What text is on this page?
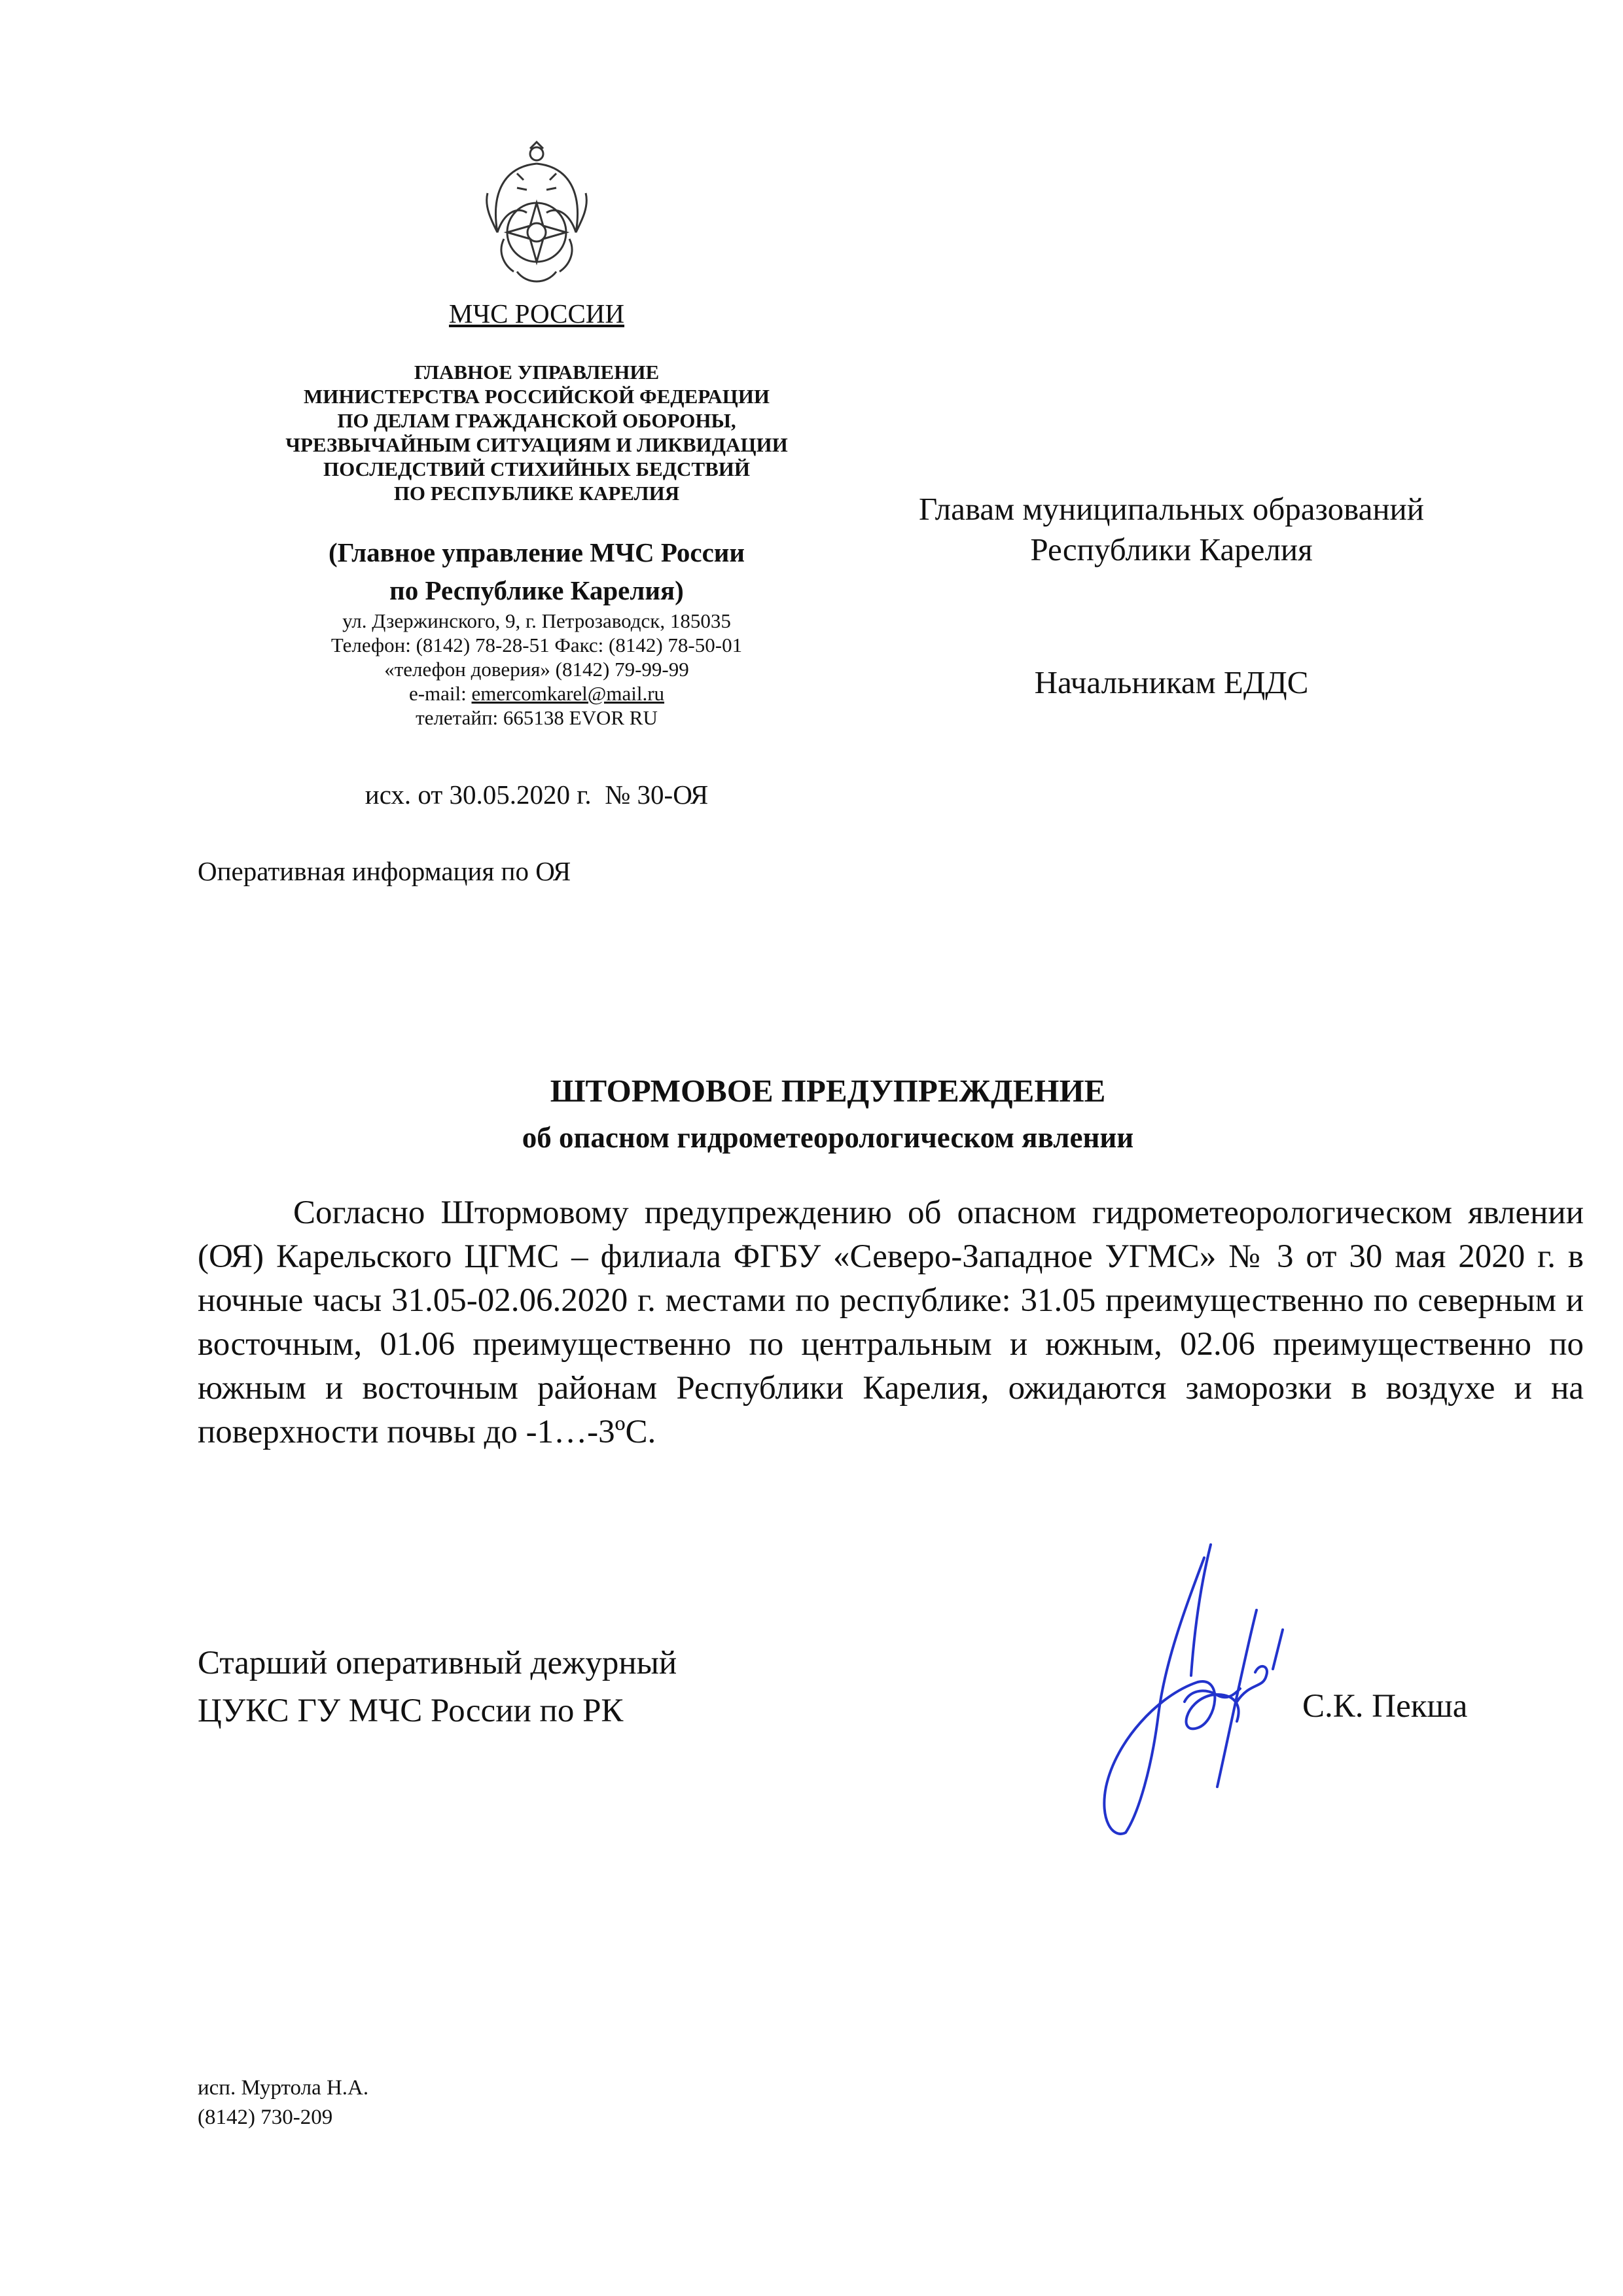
МЧС РОССИИ
ГЛАВНОЕ УПРАВЛЕНИЕ
МИНИСТЕРСТВА РОССИЙСКОЙ ФЕДЕРАЦИИ
ПО ДЕЛАМ ГРАЖДАНСКОЙ ОБОРОНЫ,
ЧРЕЗВЫЧАЙНЫМ СИТУАЦИЯМ И ЛИКВИДАЦИИ
ПОСЛЕДСТВИЙ СТИХИЙНЫХ БЕДСТВИЙ
ПО РЕСПУБЛИКЕ КАРЕЛИЯ
(Главное управление МЧС России
по Республике Карелия)
ул. Дзержинского, 9, г. Петрозаводск, 185035
Телефон: (8142) 78-28-51 Факс: (8142) 78-50-01
«телефон доверия» (8142) 79-99-99
e-mail: emercomkarel@mail.ru
телетайп: 665138 EVOR RU
исх. от 30.05.2020 г.  № 30-ОЯ
Оперативная информация по ОЯ
Главам муниципальных образований
Республики Карелия
Начальникам ЕДДС
ШТОРМОВОЕ ПРЕДУПРЕЖДЕНИЕ
об опасном гидрометеорологическом явлении
Согласно Штормовому предупреждению об опасном гидрометеорологическом явлении (ОЯ) Карельского ЦГМС – филиала ФГБУ «Северо-Западное УГМС» № 3 от 30 мая 2020 г. в ночные часы 31.05-02.06.2020 г. местами по республике: 31.05 преимущественно по северным и восточным, 01.06 преимущественно по центральным и южным, 02.06 преимущественно по южным и восточным районам Республики Карелия, ожидаются заморозки в воздухе и на поверхности почвы до -1…-3ºС.
Старший оперативный дежурный
ЦУКС ГУ МЧС России по РК	С.К. Пекша
исп. Муртола Н.А.
(8142) 730-209
